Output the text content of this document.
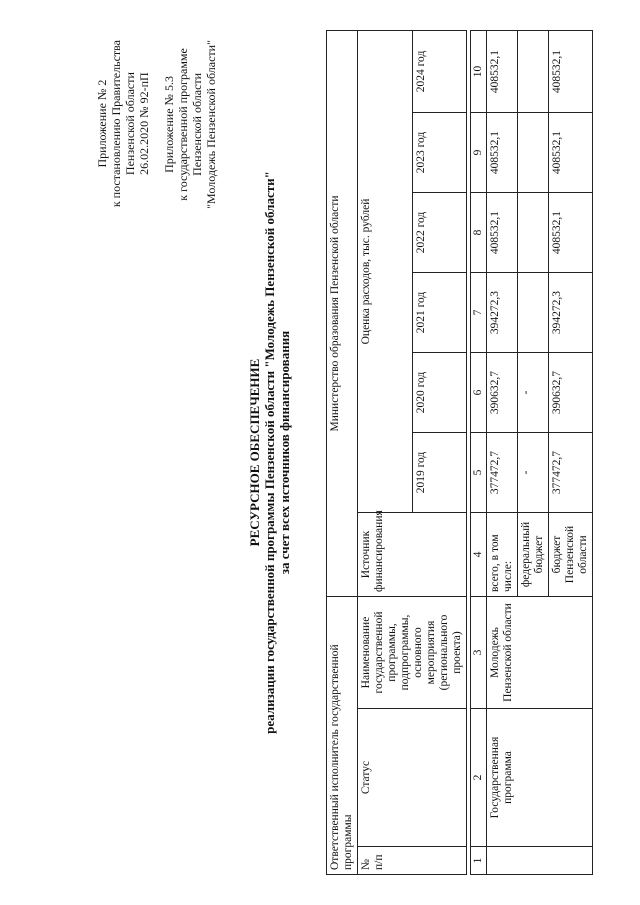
Приложение № 2 к постановлению Правительства Пензенской области 26.02.2020 № 92-пП Приложение № 5.3 к государственной программе Пензенской области "Молодежь Пензенской области"
РЕСУРСНОЕ ОБЕСПЕЧЕНИЕ реализации государственной программы Пензенской области "Молодежь Пензенской области" за счет всех источников финансирования
Ответственный исполнитель государственной программы			Министерство образования Пензенской области						
№ п/п	Статус	Наименование государственной программы, подпрограммы, основного мероприятия (регионального проекта)	Источник финансирования	Оценка расходов, тыс. рублей					
				2019 год	2020 год	2021 год	2022 год	2023 год	2024 год

1	2	3	4	5	6	7	8	9	10
	Государственная программа	Молодежь Пензенской области	всего, в том числе:	377472,7	390632,7	394272,3	408532,1	408532,1	408532,1
			федеральный бюджет	-	-				
			бюджет Пензенской области	377472,7	390632,7	394272,3	408532,1	408532,1	408532,1
